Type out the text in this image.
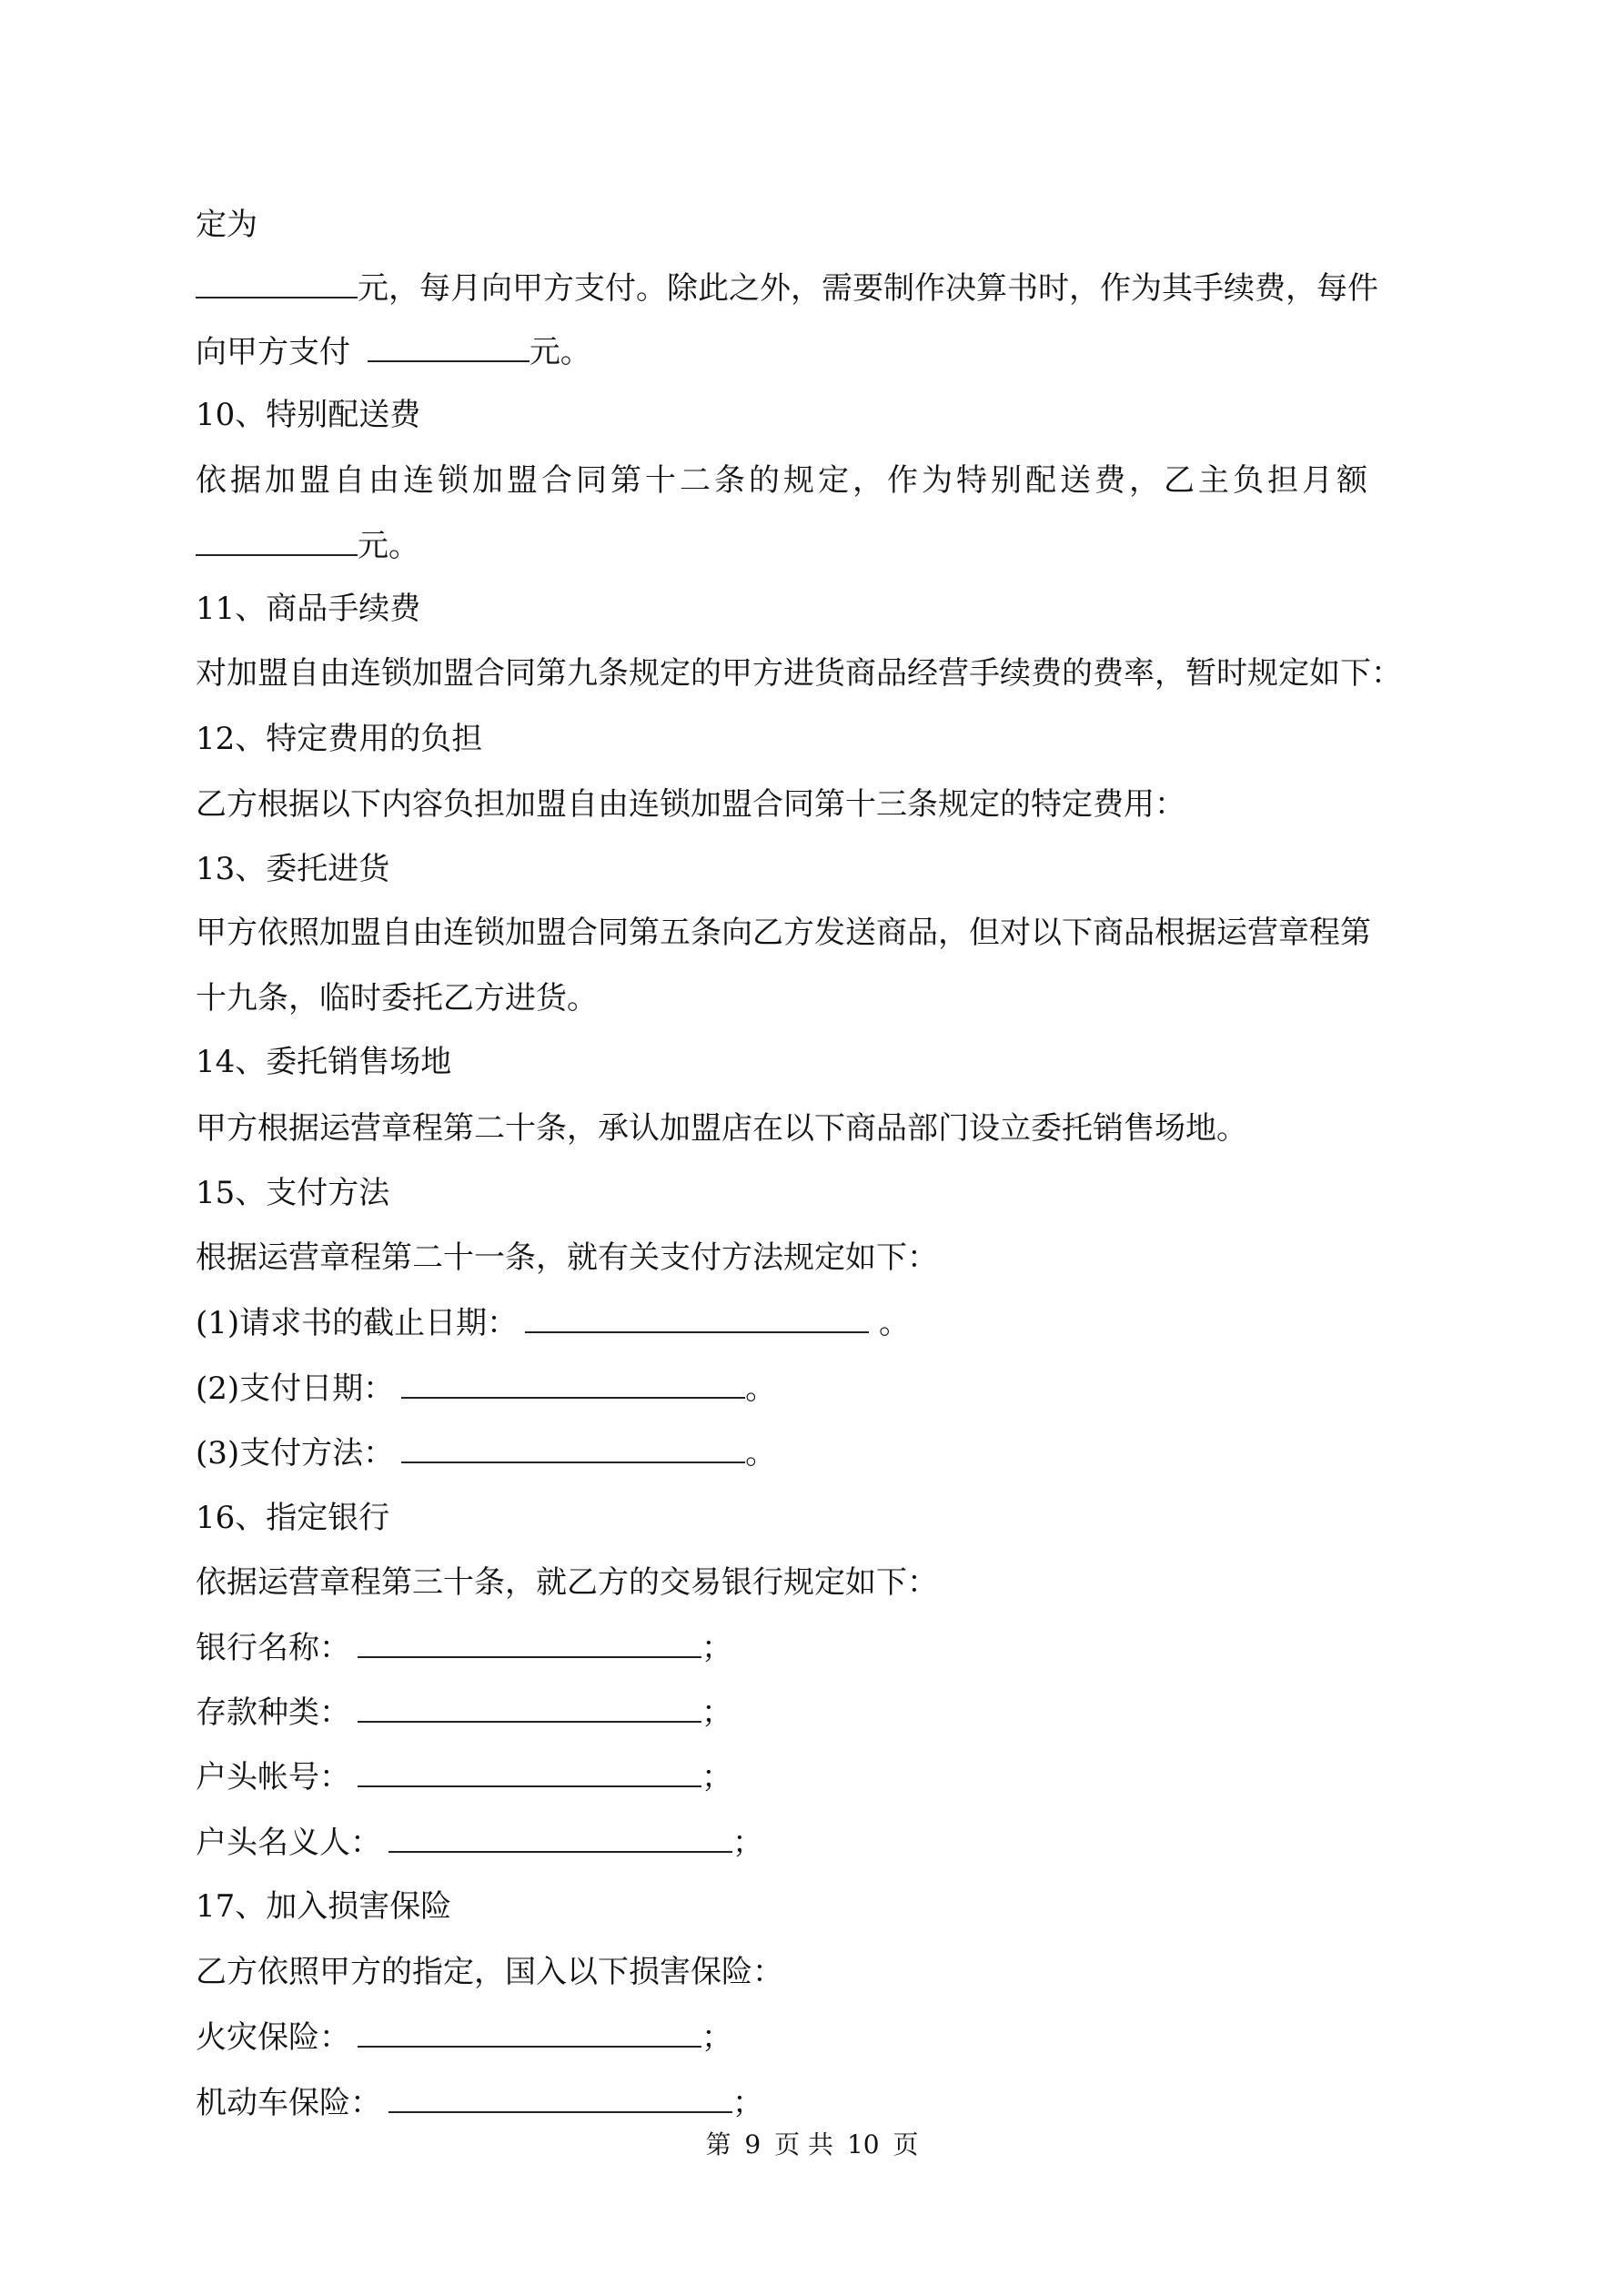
定为
元，每月向甲方支付。除此之外，需要制作决算书时，作为其手续费，每件
向甲方支付	元。
10、特别配送费
依据加盟自由连锁加盟合同第十二条的规定，作为特别配送费，乙主负担月额
元。
11、商品手续费
对加盟自由连锁加盟合同第九条规定的甲方进货商品经营手续费的费率，暂时规定如下：
12、特定费用的负担
乙方根据以下内容负担加盟自由连锁加盟合同第十三条规定的特定费用：
13、委托进货
甲方依照加盟自由连锁加盟合同第五条向乙方发送商品，但对以下商品根据运营章程第
十九条，临时委托乙方进货。
14、委托销售场地
甲方根据运营章程第二十条，承认加盟店在以下商品部门设立委托销售场地。
15、支付方法
根据运营章程第二十一条，就有关支付方法规定如下：
(1)请求书的截止日期：	。
(2)支付日期：	。
(3)支付方法：	。
16、指定银行
依据运营章程第三十条，就乙方的交易银行规定如下：
银行名称：	；
存款种类：	；
户头帐号：	；
户头名义人：	；
17、加入损害保险
乙方依照甲方的指定，国入以下损害保险：
火灾保险：	；
机动车保险：	；
第 9 页 共 10 页
